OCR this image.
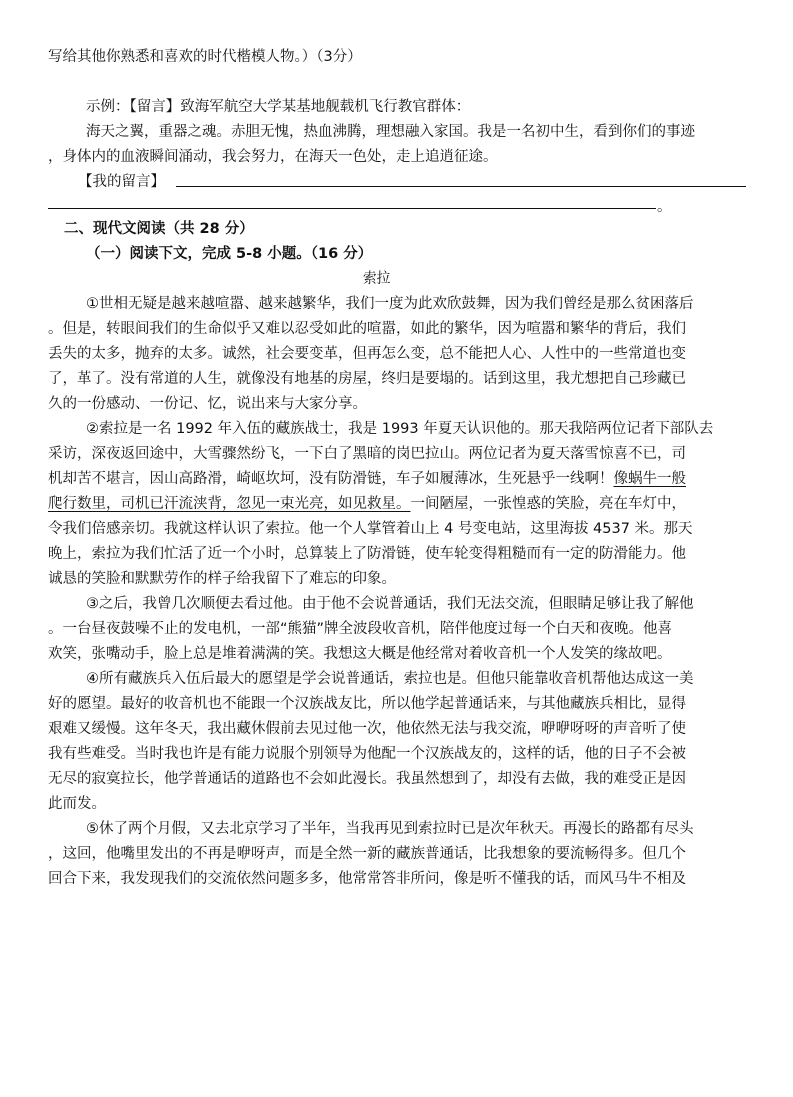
写给其他你熟悉和喜欢的时代楷模人物。）（3分）
示例：【留言】致海军航空大学某基地舰载机飞行教官群体：
海天之翼，重器之魂。赤胆无愧，热血沸腾，理想融入家国。我是一名初中生，看到你们的事迹
，身体内的血液瞬间涌动，我会努力，在海天一色处，走上追逍征途。
【我的留言】
。
二、现代文阅读（共 28 分）
（一）阅读下文，完成 5-8 小题。（16 分）
索拉
①世相无疑是越来越喧嚣、越来越繁华，我们一度为此欢欣鼓舞，因为我们曾经是那么贫困落后
。但是，转眼间我们的生命似乎又难以忍受如此的喧嚣，如此的繁华，因为喧嚣和繁华的背后，我们
丢失的太多，抛弃的太多。诚然，社会要变革，但再怎么变，总不能把人心、人性中的一些常道也变
了，革了。没有常道的人生，就像没有地基的房屋，终归是要塌的。话到这里，我尤想把自己珍藏已
久的一份感动、一份记、忆，说出来与大家分享。
②索拉是一名 1992 年入伍的藏族战士，我是 1993 年夏天认识他的。那天我陪两位记者下部队去
采访，深夜返回途中，大雪骤然纷飞，一下白了黑暗的岗巴拉山。两位记者为夏天落雪惊喜不已，司
机却苦不堪言，因山高路滑，崎岖坎坷，没有防滑链，车子如履薄冰，生死悬乎一线啊！像蜗牛一般
爬行数里，司机已汗流浃背，忽见一束光亮，如见救星。一间陋屋，一张惶惑的笑脸，亮在车灯中，
令我们倍感亲切。我就这样认识了索拉。他一个人掌管着山上 4 号变电站，这里海拔 4537 米。那天
晚上，索拉为我们忙活了近一个小时，总算装上了防滑链，使车轮变得粗糙而有一定的防滑能力。他
诚恳的笑脸和默默劳作的样子给我留下了难忘的印象。
③之后，我曾几次顺便去看过他。由于他不会说普通话，我们无法交流，但眼睛足够让我了解他
。一台昼夜鼓噪不止的发电机，一部“熊猫”牌全波段收音机，陪伴他度过每一个白天和夜晚。他喜
欢笑，张嘴动手，脸上总是堆着满满的笑。我想这大概是他经常对着收音机一个人发笑的缘故吧。
④所有藏族兵入伍后最大的愿望是学会说普通话，索拉也是。但他只能靠收音机帮他达成这一美
好的愿望。最好的收音机也不能跟一个汉族战友比，所以他学起普通话来，与其他藏族兵相比，显得
艰难又缓慢。这年冬天，我出藏休假前去见过他一次，他依然无法与我交流，咿咿呀呀的声音听了使
我有些难受。当时我也许是有能力说服个别领导为他配一个汉族战友的，这样的话，他的日子不会被
无尽的寂寞拉长，他学普通话的道路也不会如此漫长。我虽然想到了，却没有去做，我的难受正是因
此而发。
⑤休了两个月假，又去北京学习了半年，当我再见到索拉时已是次年秋天。再漫长的路都有尽头
，这回，他嘴里发出的不再是咿呀声，而是全然一新的藏族普通话，比我想象的要流畅得多。但几个
回合下来，我发现我们的交流依然问题多多，他常常答非所问，像是听不懂我的话，而风马牛不相及
